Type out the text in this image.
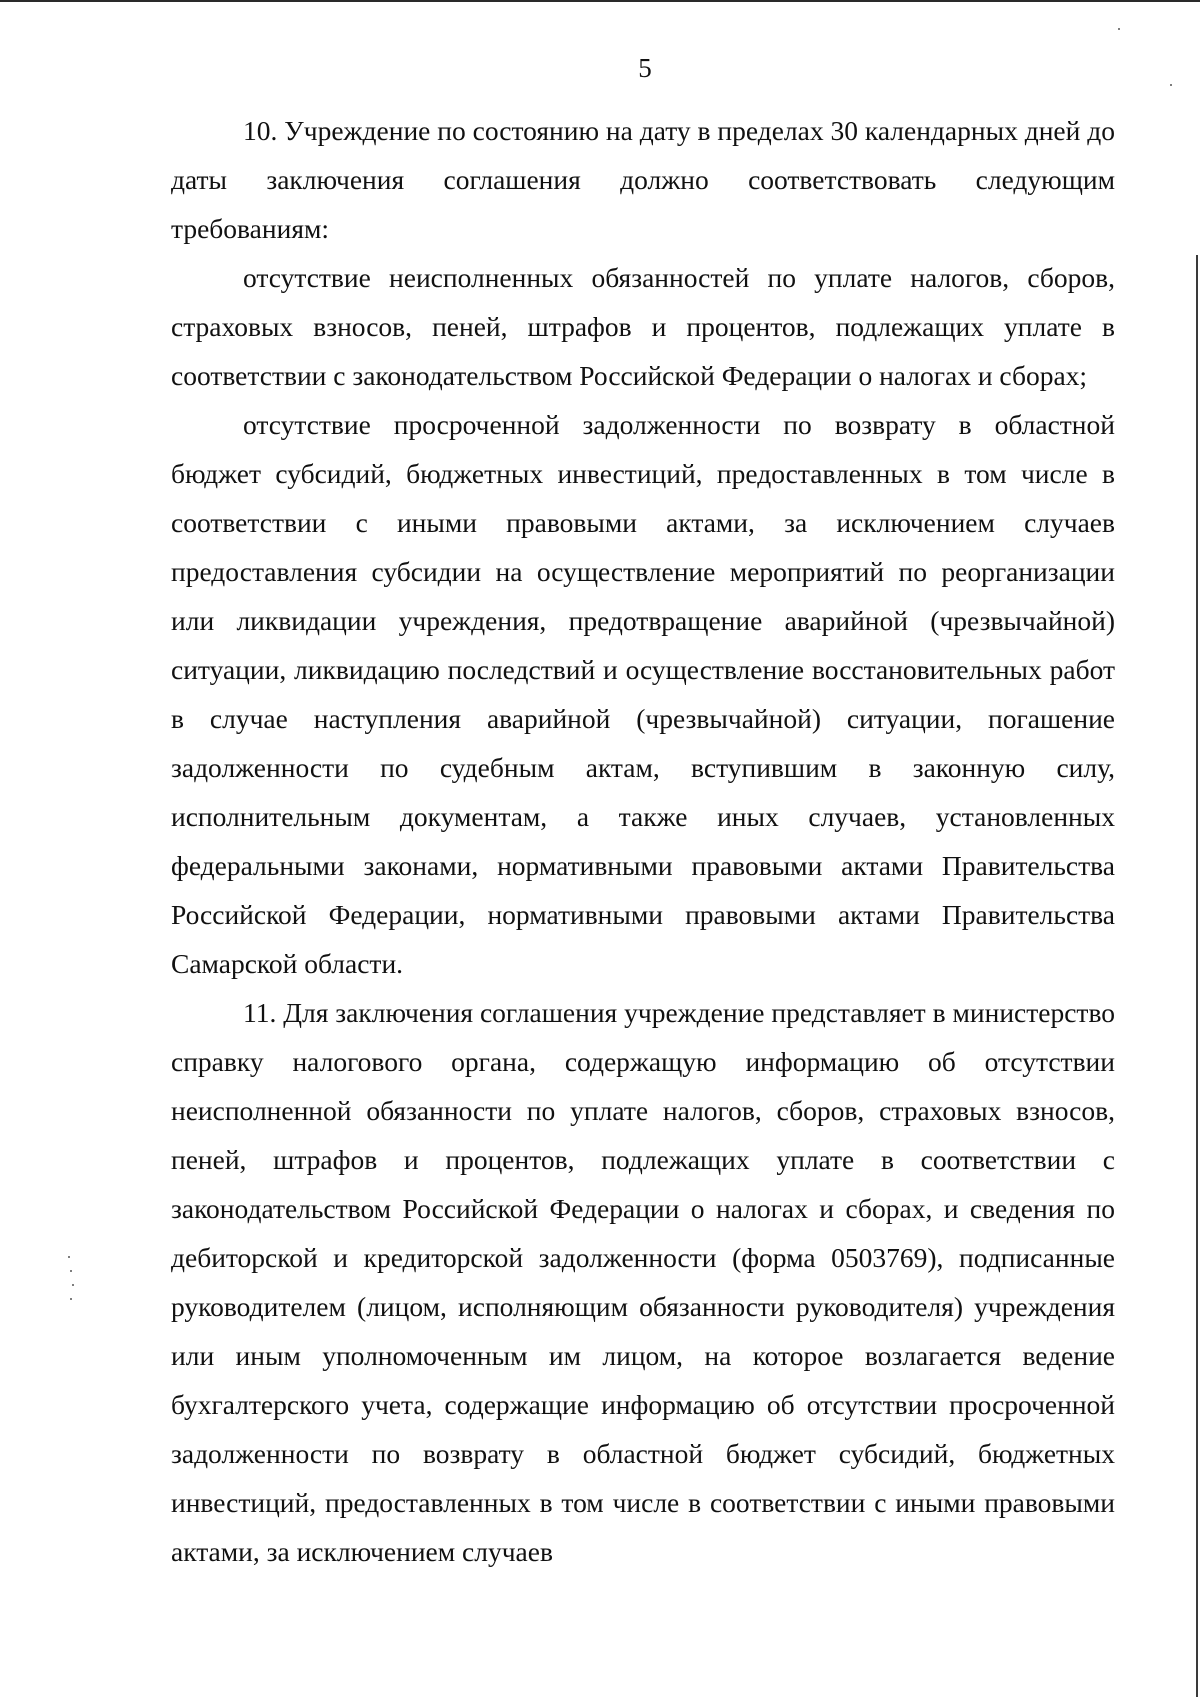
5

10. Учреждение по состоянию на дату в пределах 30 календарных дней до даты заключения соглашения должно соответствовать следующим требованиям:

отсутствие неисполненных обязанностей по уплате налогов, сборов, страховых взносов, пеней, штрафов и процентов, подлежащих уплате в соответствии с законодательством Российской Федерации о налогах и сборах;

отсутствие просроченной задолженности по возврату в областной бюджет субсидий, бюджетных инвестиций, предоставленных в том числе в соответствии с иными правовыми актами, за исключением случаев предоставления субсидии на осуществление мероприятий по реорганизации или ликвидации учреждения, предотвращение аварийной (чрезвычайной) ситуации, ликвидацию последствий и осуществление восстановительных работ в случае наступления аварийной (чрезвычайной) ситуации, погашение задолженности по судебным актам, вступившим в законную силу, исполнительным документам, а также иных случаев, установленных федеральными законами, нормативными правовыми актами Правительства Российской Федерации, нормативными правовыми актами Правительства Самарской области.

11. Для заключения соглашения учреждение представляет в министерство справку налогового органа, содержащую информацию об отсутствии неисполненной обязанности по уплате налогов, сборов, страховых взносов, пеней, штрафов и процентов, подлежащих уплате в соответствии с законодательством Российской Федерации о налогах и сборах, и сведения по дебиторской и кредиторской задолженности (форма 0503769), подписанные руководителем (лицом, исполняющим обязанности руководителя) учреждения или иным уполномоченным им лицом, на которое возлагается ведение бухгалтерского учета, содержащие информацию об отсутствии просроченной задолженности по возврату в областной бюджет субсидий, бюджетных инвестиций, предоставленных в том числе в соответствии с иными правовыми актами, за исключением случаев
